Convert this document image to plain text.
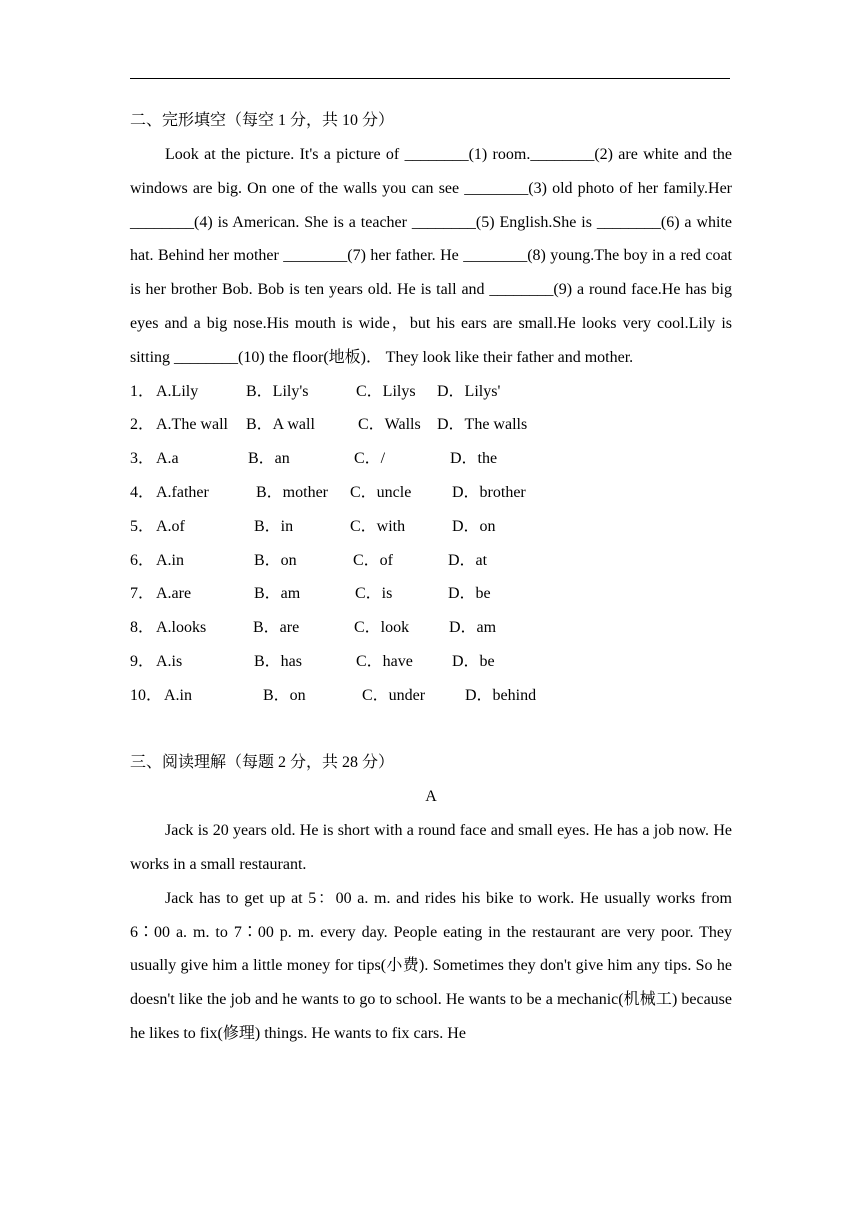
二、完形填空（每空 1 分，共 10 分）

Look at the picture. It's a picture of ________(1) room.________(2) are white and the windows are big. On one of the walls you can see ________(3) old photo of her family.Her ________(4) is American. She is a teacher ________(5) English.She is ________(6) a white hat. Behind her mother ________(7) her father. He ________(8) young.The boy in a red coat is her brother Bob. Bob is ten years old. He is tall and ________(9) a round face.He has big eyes and a big nose.His mouth is wide，but his ears are small.He looks very cool.Lily is sitting ________(10) the floor(地板)． They look like their father and mother.

1． A.Lily	B．Lily's	C．Lilys D．Lilys'
2． A.The wall B．A wall	C．Walls D．The walls
3． A.a	B．an	C．/	D．the
4． A.father	B．mother C．uncle	D．brother
5． A.of	B．in	C．with	D．on
6． A.in	B．on	C．of	D．at
7． A.are	B．am	C．is	D．be
8． A.looks	B．are	C．look D．am
9． A.is	B．has	C．have D．be
10． A.in	B．on	C．under D．behind
三、阅读理解（每题 2 分，共 28 分）
A

Jack is 20 years old. He is short with a round face and small eyes. He has a job now. He works in a small restaurant.

Jack has to get up at 5：00 a. m. and rides his bike to work. He usually works from 6∶00 a. m. to 7∶00 p. m. every day. People eating in the restaurant are very poor. They usually give him a little money for tips(小费). Sometimes they don't give him any tips. So he doesn't like the job and he wants to go to school. He wants to be a mechanic(机械工) because he likes to fix(修理) things. He wants to fix cars. He
